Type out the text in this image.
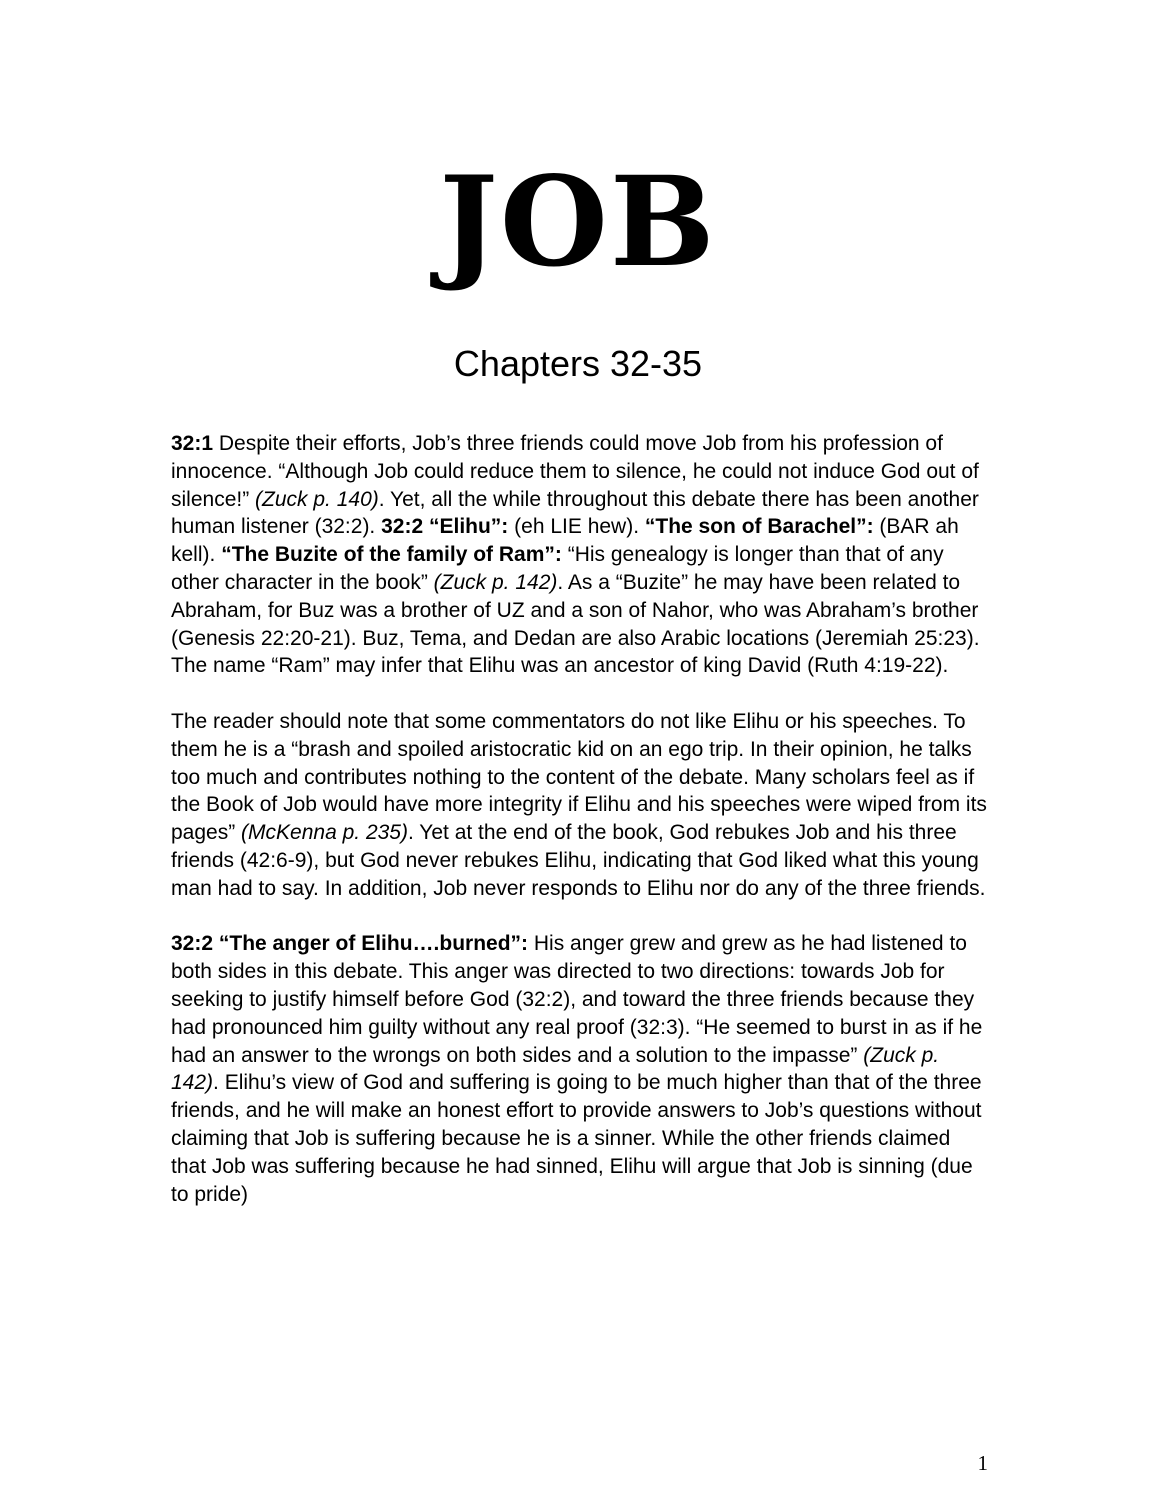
JOB
Chapters 32-35

32:1 Despite their efforts, Job’s three friends could move Job from his profession of innocence. “Although Job could reduce them to silence, he could not induce God out of silence!” (Zuck p. 140). Yet, all the while throughout this debate there has been another human listener (32:2). 32:2 “Elihu”: (eh LIE hew). “The son of Barachel”: (BAR ah kell). “The Buzite of the family of Ram”: “His genealogy is longer than that of any other character in the book” (Zuck p. 142). As a “Buzite” he may have been related to Abraham, for Buz was a brother of UZ and a son of Nahor, who was Abraham’s brother (Genesis 22:20-21). Buz, Tema, and Dedan are also Arabic locations (Jeremiah 25:23). The name “Ram” may infer that Elihu was an ancestor of king David (Ruth 4:19-22).

The reader should note that some commentators do not like Elihu or his speeches. To them he is a “brash and spoiled aristocratic kid on an ego trip. In their opinion, he talks too much and contributes nothing to the content of the debate. Many scholars feel as if the Book of Job would have more integrity if Elihu and his speeches were wiped from its pages” (McKenna p. 235). Yet at the end of the book, God rebukes Job and his three friends (42:6-9), but God never rebukes Elihu, indicating that God liked what this young man had to say. In addition, Job never responds to Elihu nor do any of the three friends.

32:2 “The anger of Elihu….burned”: His anger grew and grew as he had listened to both sides in this debate. This anger was directed to two directions: towards Job for seeking to justify himself before God (32:2), and toward the three friends because they had pronounced him guilty without any real proof (32:3). “He seemed to burst in as if he had an answer to the wrongs on both sides and a solution to the impasse” (Zuck p. 142). Elihu’s view of God and suffering is going to be much higher than that of the three friends, and he will make an honest effort to provide answers to Job’s questions without claiming that Job is suffering because he is a sinner. While the other friends claimed that Job was suffering because he had sinned, Elihu will argue that Job is sinning (due to pride)

1
